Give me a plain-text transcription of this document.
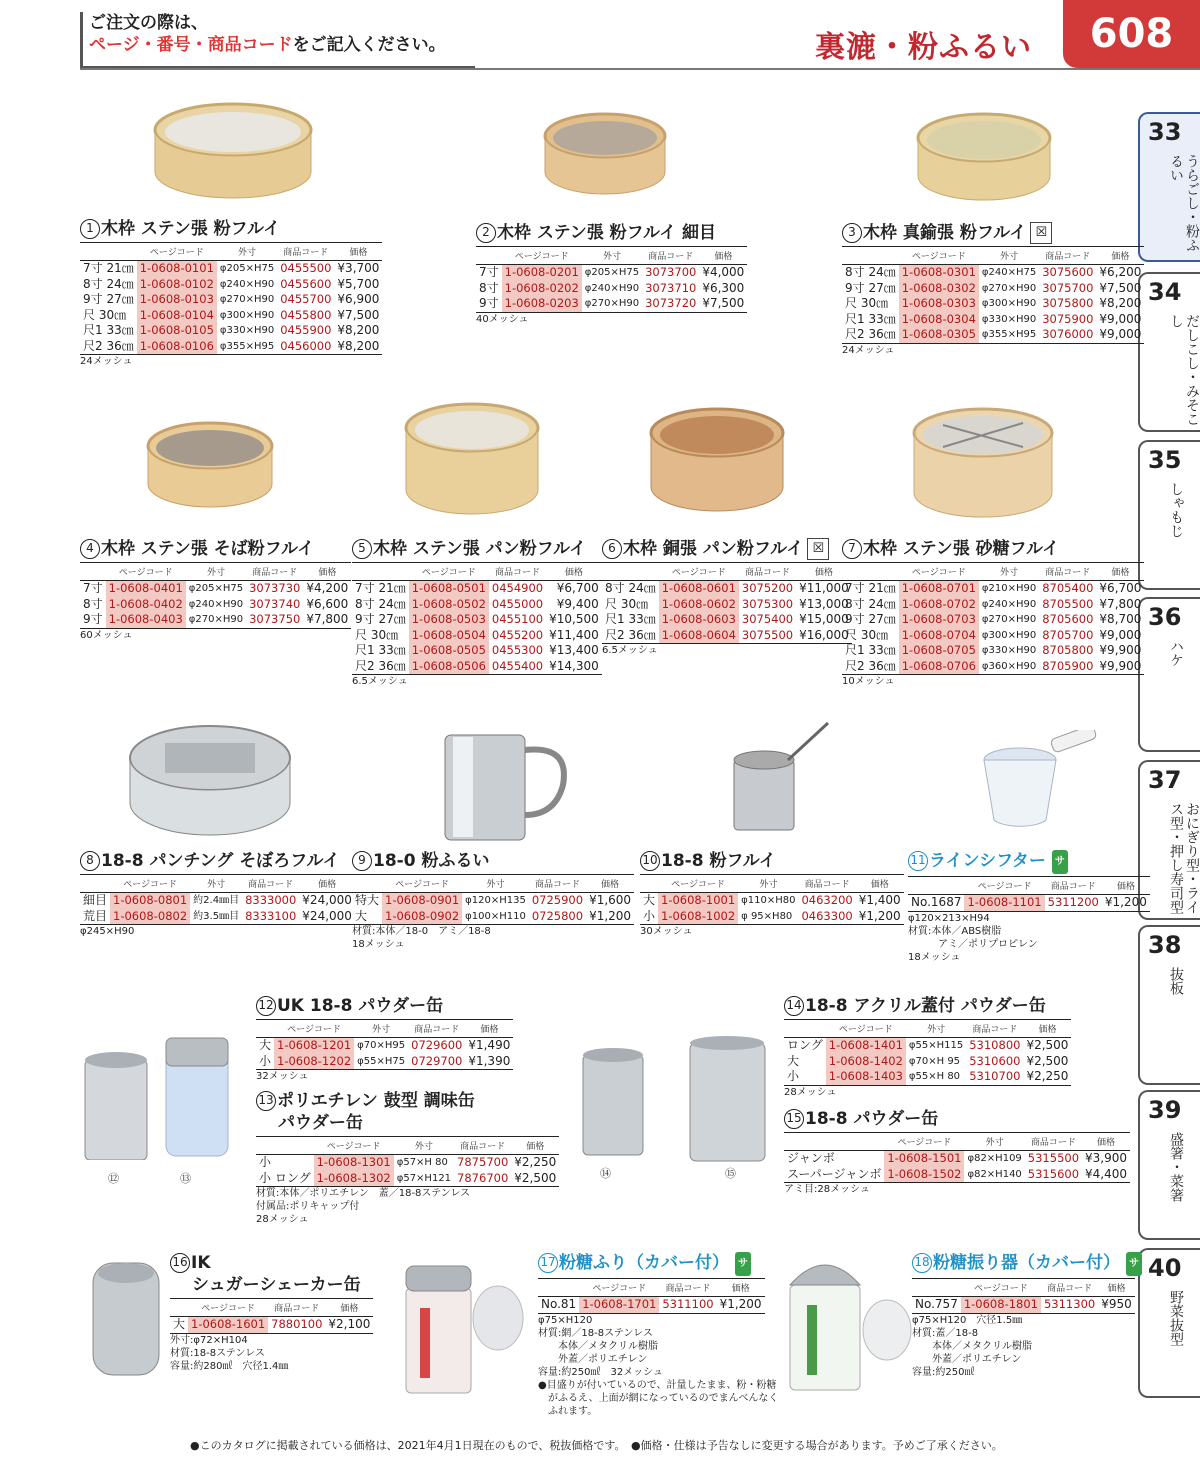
ご注文の際は、
ページ・番号・商品コードをご記入ください。	裏漉・粉ふるい	608
33
うらごし・粉ふるい
34
だしこし・みそこし
35
しゃもじ
36
ハケ
37
おにぎり型・ライス型・押し寿司型
38
抜板
39
盛箸・菜箸
40
野菜抜型
⑫	⑬	⑭	⑮
1 木枠 ステン張 粉フルイ
	ページコード	外寸	商品コード	価格
7寸 21㎝	1-0608-0101	φ205×H75	0455500	¥3,700
8寸 24㎝	1-0608-0102	φ240×H90	0455600	¥5,700
9寸 27㎝	1-0608-0103	φ270×H90	0455700	¥6,900
尺 30㎝	1-0608-0104	φ300×H90	0455800	¥7,500
尺1 33㎝	1-0608-0105	φ330×H90	0455900	¥8,200
尺2 36㎝	1-0608-0106	φ355×H95	0456000	¥8,200
24メッシュ
2 木枠 ステン張 粉フルイ 細目
	ページコード	外寸	商品コード	価格
7寸	1-0608-0201	φ205×H75	3073700	¥4,000
8寸	1-0608-0202	φ240×H90	3073710	¥6,300
9寸	1-0608-0203	φ270×H90	3073720	¥7,500
40メッシュ
3 木枠 真鍮張 粉フルイ ☒
	ページコード	外寸	商品コード	価格
8寸 24㎝	1-0608-0301	φ240×H75	3075600	¥6,200
9寸 27㎝	1-0608-0302	φ270×H90	3075700	¥7,500
尺 30㎝	1-0608-0303	φ300×H90	3075800	¥8,200
尺1 33㎝	1-0608-0304	φ330×H90	3075900	¥9,000
尺2 36㎝	1-0608-0305	φ355×H95	3076000	¥9,000
24メッシュ
4 木枠 ステン張 そば粉フルイ
	ページコード	外寸	商品コード	価格
7寸	1-0608-0401	φ205×H75	3073730	¥4,200
8寸	1-0608-0402	φ240×H90	3073740	¥6,600
9寸	1-0608-0403	φ270×H90	3073750	¥7,800
60メッシュ
5 木枠 ステン張 パン粉フルイ
	ページコード	商品コード	価格
7寸 21㎝	1-0608-0501	0454900	¥6,700
8寸 24㎝	1-0608-0502	0455000	¥9,400
9寸 27㎝	1-0608-0503	0455100	¥10,500
尺 30㎝	1-0608-0504	0455200	¥11,400
尺1 33㎝	1-0608-0505	0455300	¥13,400
尺2 36㎝	1-0608-0506	0455400	¥14,300
6.5メッシュ
6 木枠 銅張 パン粉フルイ ☒
	ページコード	商品コード	価格
8寸 24㎝	1-0608-0601	3075200	¥11,000
尺 30㎝	1-0608-0602	3075300	¥13,000
尺1 33㎝	1-0608-0603	3075400	¥15,000
尺2 36㎝	1-0608-0604	3075500	¥16,000
6.5メッシュ
7 木枠 ステン張 砂糖フルイ
	ページコード	外寸	商品コード	価格
7寸 21㎝	1-0608-0701	φ210×H90	8705400	¥6,700
8寸 24㎝	1-0608-0702	φ240×H90	8705500	¥7,800
9寸 27㎝	1-0608-0703	φ270×H90	8705600	¥8,700
尺 30㎝	1-0608-0704	φ300×H90	8705700	¥9,000
尺1 33㎝	1-0608-0705	φ330×H90	8705800	¥9,900
尺2 36㎝	1-0608-0706	φ360×H90	8705900	¥9,900
10メッシュ
8 18-8 パンチング そぼろフルイ
	ページコード	外寸	商品コード	価格
細目	1-0608-0801	約2.4㎜目	8333000	¥24,000
荒目	1-0608-0802	約3.5㎜目	8333100	¥24,000
φ245×H90
9 18-0 粉ふるい
	ページコード	外寸	商品コード	価格
特大	1-0608-0901	φ120×H135	0725900	¥1,600
大	1-0608-0902	φ100×H110	0725800	¥1,200
材質:本体／18-0　アミ／18-8
18メッシュ
10 18-8 粉フルイ
	ページコード	外寸	商品コード	価格
大	1-0608-1001	φ110×H80	0463200	¥1,400
小	1-0608-1002	φ 95×H80	0463300	¥1,200
30メッシュ
11 ラインシフター サ
	ページコード	商品コード	価格
No.1687	1-0608-1101	5311200	¥1,200
φ120×213×H94
材質:本体／ABS樹脂
　　　アミ／ポリプロピレン
18メッシュ
12 UK 18-8 パウダー缶
	ページコード	外寸	商品コード	価格
大	1-0608-1201	φ70×H95	0729600	¥1,490
小	1-0608-1202	φ55×H75	0729700	¥1,390
32メッシュ
13 ポリエチレン 鼓型 調味缶
パウダー缶
	ページコード	外寸	商品コード	価格
小	1-0608-1301	φ57×H 80	7875700	¥2,250
小 ロング	1-0608-1302	φ57×H121	7876700	¥2,500
材質:本体／ポリエチレン　蓋／18-8ステンレス
付属品:ポリキャップ付
28メッシュ
14 18-8 アクリル蓋付 パウダー缶
	ページコード	外寸	商品コード	価格
ロング	1-0608-1401	φ55×H115	5310800	¥2,500
大	1-0608-1402	φ70×H 95	5310600	¥2,500
小	1-0608-1403	φ55×H 80	5310700	¥2,250
28メッシュ
15 18-8 パウダー缶
	ページコード	外寸	商品コード	価格
ジャンボ	1-0608-1501	φ82×H109	5315500	¥3,900
スーパージャンボ	1-0608-1502	φ82×H140	5315600	¥4,400
アミ目:28メッシュ
16 IK
シュガーシェーカー缶
	ページコード	商品コード	価格
大	1-0608-1601	7880100	¥2,100
外寸:φ72×H104
材質:18-8ステンレス
容量:約280㎖　穴径1.4㎜
17 粉糖ふり（カバー付） サ
	ページコード	商品コード	価格
No.81	1-0608-1701	5311100	¥1,200
φ75×H120
材質:網／18-8ステンレス
　　本体／メタクリル樹脂
　　外蓋／ポリエチレン
容量:約250㎖　32メッシュ
●目盛りが付いているので、計量したまま、粉・粉糖
　がふるえ、上面が網になっているのでまんべんなく
　ふれます。
18 粉糖振り器（カバー付） サ
	ページコード	商品コード	価格
No.757	1-0608-1801	5311300	¥950
φ75×H120　穴径1.5㎜
材質:蓋／18-8
　　本体／メタクリル樹脂
　　外蓋／ポリエチレン
容量:約250㎖
●このカタログに掲載されている価格は、2021年4月1日現在のもので、税抜価格です。　●価格・仕様は予告なしに変更する場合があります。予めご了承ください。
